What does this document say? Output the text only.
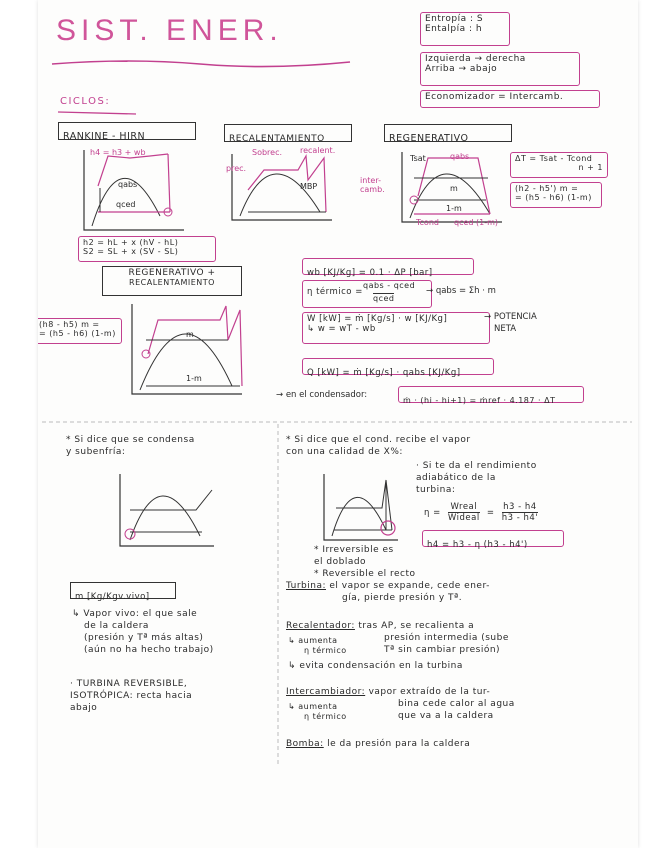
SIST. ENER.	Entropía : S
Entalpía : h
Izquierda → derecha
Arriba → abajo
Economizador = Intercamb.
CICLOS:
RANKINE - HIRN
h4 = h3 + wb
qabs
qced
h2 = hL + x (hV - hL)
S2 = SL + x (SV - SL)
RECALENTAMIENTO
Sobrec. recalent.
prec.
MBP
REGENERATIVO
Tsat	qabs
inter-
camb.	m
1-m
Tcond qced (1-m)
ΔT = Tsat - Tcond
n + 1
(h2 - h5') m =
= (h5 - h6) (1-m)
REGENERATIVO +
RECALENTAMIENTO
(h8 - h5) m =
= (h5 - h6) (1-m)	m
1-m
wb [KJ/Kg] = 0.1 · ΔP [bar]
η térmico =
qabs - qced
qced
→ qabs = Σh · m
W [kW] = ṁ [Kg/s] · w [KJ/Kg]
↳ w = wT - wb
→ POTENCIA
NETA
Q [kW] = ṁ [Kg/s] · qabs [KJ/Kg]
→ en el condensador:
ṁ · (hi - hi+1) = ṁref · 4.187 · ΔT
* Si dice que se condensa
y subenfría:
m [Kg/Kgv.vivo]
↳ Vapor vivo: el que sale
de la caldera
(presión y Tª más altas)
(aún no ha hecho trabajo)
· TURBINA REVERSIBLE,
ISOTRÓPICA: recta hacia
abajo
* Si dice que el cond. recibe el vapor
con una calidad de X%:
· Si te da el rendimiento
adiabático de la
turbina:
η =
Wreal
Wideal = $\frac{h3 - h4}{h3 - h4'}$
h4 = h3 - η (h3 - h4')
* Irreversible es
el doblado
* Reversible el recto
Turbina: el vapor se expande, cede ener-
gía, pierde presión y Tª.
Recalentador: tras AP, se recalienta a
presión intermedia (sube
Tª sin cambiar presión)
↳ aumenta
η térmico
↳ evita condensación en la turbina
Intercambiador: vapor extraído de la tur-
bina cede calor al agua
que va a la caldera
↳ aumenta
η térmico
Bomba: le da presión para la caldera
